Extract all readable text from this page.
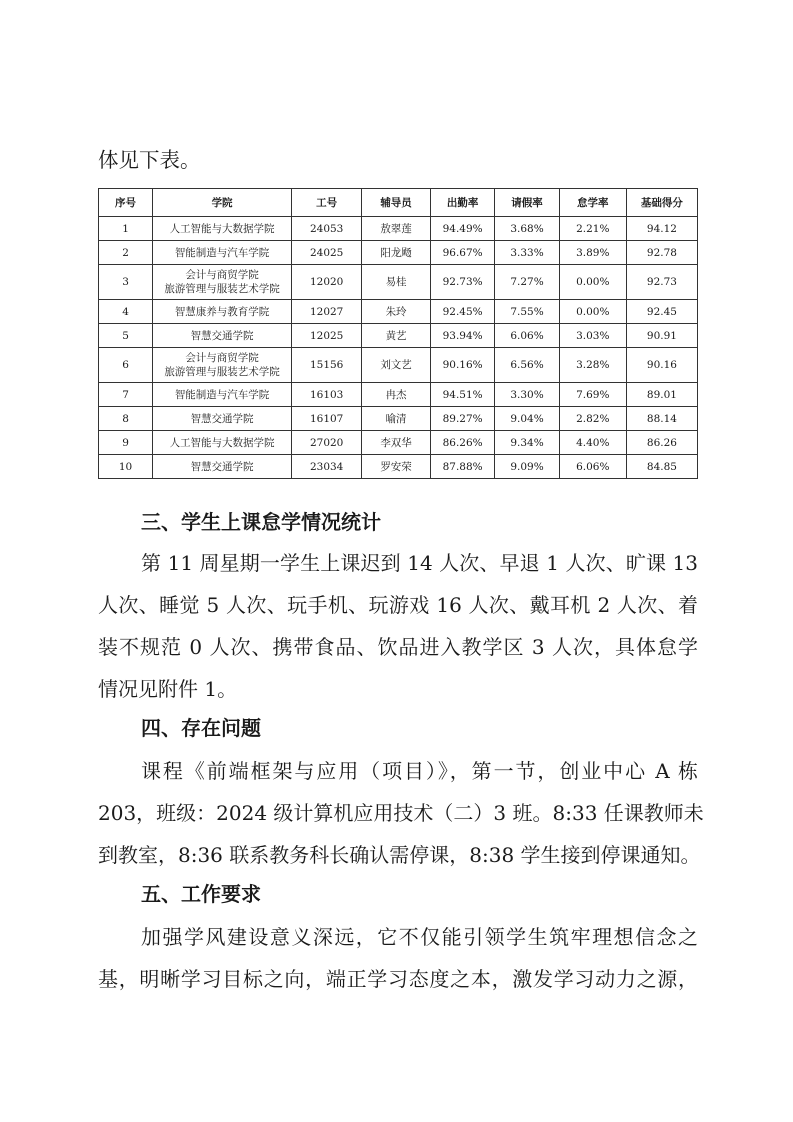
体见下表。

序号	学院	工号	辅导员	出勤率	请假率	怠学率	基础得分
1	人工智能与大数据学院	24053	敖翠莲	94.49%	3.68%	2.21%	94.12
2	智能制造与汽车学院	24025	阳龙飏	96.67%	3.33%	3.89%	92.78
3	会计与商贸学院
旅游管理与服装艺术学院	12020	易桂	92.73%	7.27%	0.00%	92.73
4	智慧康养与教育学院	12027	朱玲	92.45%	7.55%	0.00%	92.45
5	智慧交通学院	12025	黄艺	93.94%	6.06%	3.03%	90.91
6	会计与商贸学院
旅游管理与服装艺术学院	15156	刘文艺	90.16%	6.56%	3.28%	90.16
7	智能制造与汽车学院	16103	冉杰	94.51%	3.30%	7.69%	89.01
8	智慧交通学院	16107	喻清	89.27%	9.04%	2.82%	88.14
9	人工智能与大数据学院	27020	李双华	86.26%	9.34%	4.40%	86.26
10	智慧交通学院	23034	罗安荣	87.88%	9.09%	6.06%	84.85

三、学生上课怠学情况统计

第 11 周星期一学生上课迟到 14 人次、早退 1 人次、旷课 13

人次、睡觉 5 人次、玩手机、玩游戏 16 人次、戴耳机 2 人次、着

装不规范 0 人次、携带食品、饮品进入教学区 3 人次，具体怠学

情况见附件 1。

四、存在问题

课程《前端框架与应用（项目）》，第一节，创业中心 A 栋

203，班级：2024 级计算机应用技术（二）3 班。8:33 任课教师未

到教室，8:36 联系教务科长确认需停课，8:38 学生接到停课通知。

五、工作要求

加强学风建设意义深远，它不仅能引领学生筑牢理想信念之

基，明晰学习目标之向，端正学习态度之本，激发学习动力之源，
